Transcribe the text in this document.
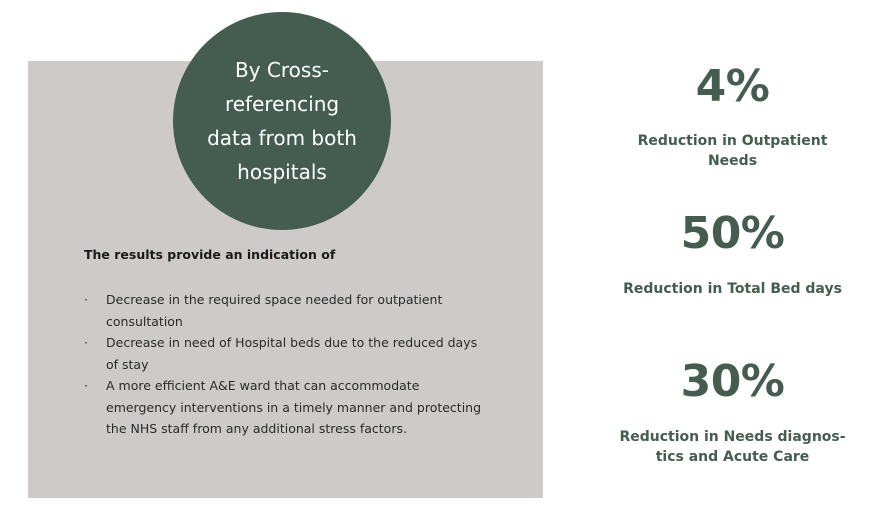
By Cross-
referencing
data from both
hospitals
The results provide an indication of
·	Decrease in the required space needed for outpatient consultation
·	Decrease in need of Hospital beds due to the reduced days of stay
·	A more efficient A&E ward that can accommodate emergency interventions in a timely manner and protecting the NHS staff from any additional stress factors.
4%
Reduction in Outpatient
Needs
50%
Reduction in Total Bed days
30%
Reduction in Needs diagnos-
tics and Acute Care
